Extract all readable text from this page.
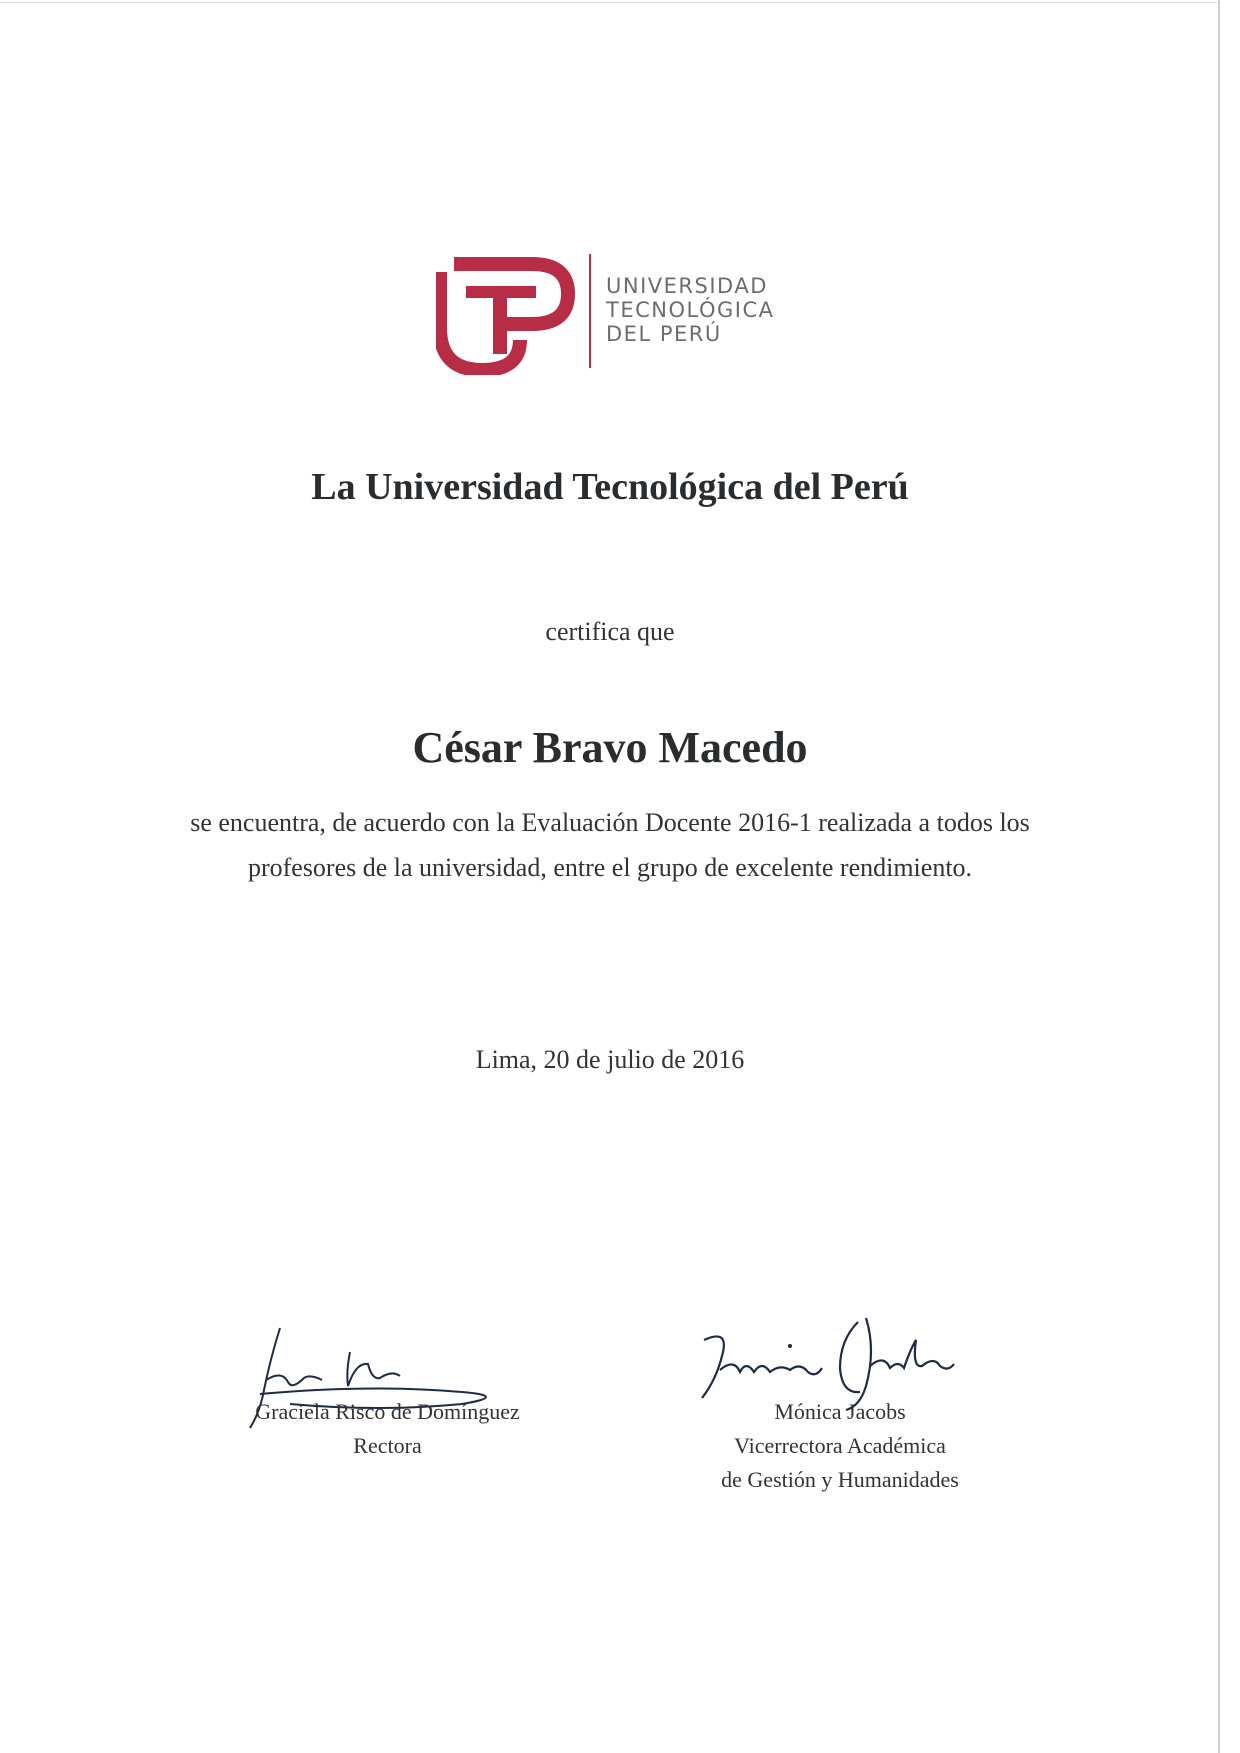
UNIVERSIDAD
TECNOLÓGICA
DEL PERÚ
La Universidad Tecnológica del Perú
certifica que
César Bravo Macedo
se encuentra, de acuerdo con la Evaluación Docente 2016-1 realizada a todos los profesores de la universidad, entre el grupo de excelente rendimiento.
Lima, 20 de julio de 2016
Graciela Risco de Domínguez
Rectora
Mónica Jacobs
Vicerrectora Académica
de Gestión y Humanidades
